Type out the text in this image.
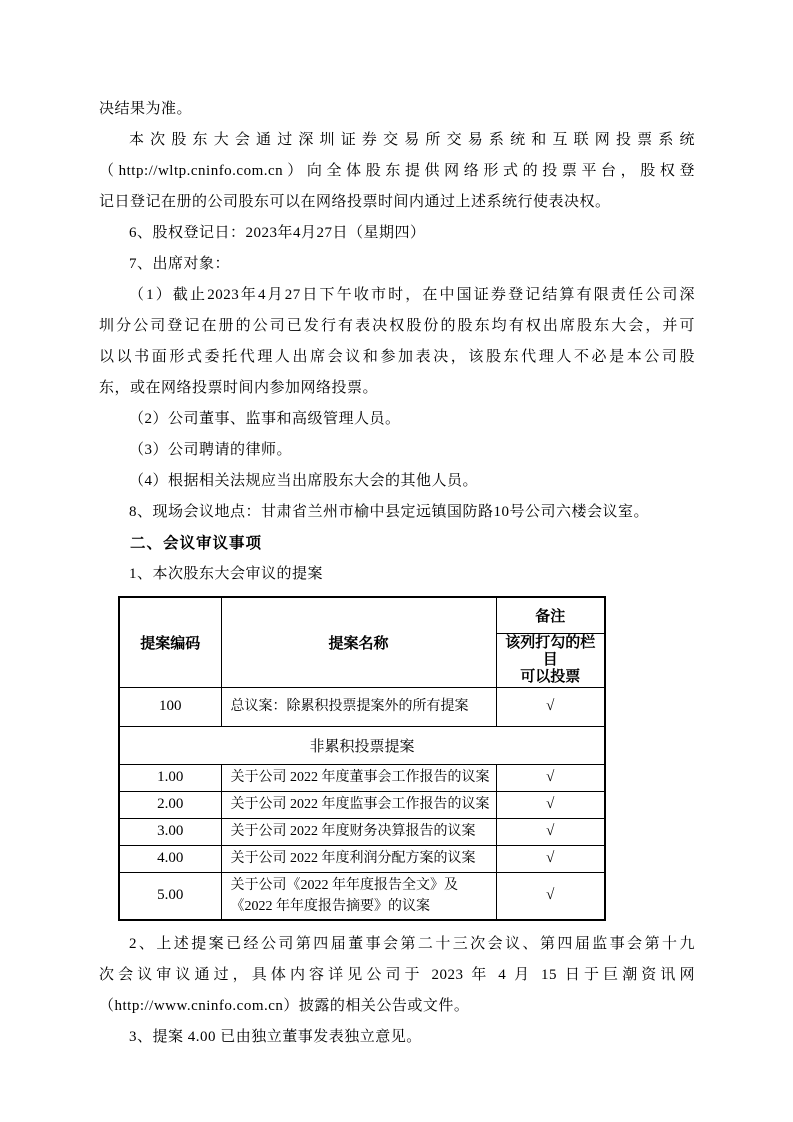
决结果为准。
本次股东大会通过深圳证券交易所交易系统和互联网投票系统
（http://wltp.cninfo.com.cn）向全体股东提供网络形式的投票平台，股权登
记日登记在册的公司股东可以在网络投票时间内通过上述系统行使表决权。
6、股权登记日：2023年4月27日（星期四）
7、出席对象：
（1）截止2023年4月27日下午收市时，在中国证券登记结算有限责任公司深
圳分公司登记在册的公司已发行有表决权股份的股东均有权出席股东大会，并可
以以书面形式委托代理人出席会议和参加表决，该股东代理人不必是本公司股
东，或在网络投票时间内参加网络投票。
（2）公司董事、监事和高级管理人员。
（3）公司聘请的律师。
（4）根据相关法规应当出席股东大会的其他人员。
8、现场会议地点：甘肃省兰州市榆中县定远镇国防路10号公司六楼会议室。
二、会议审议事项
1、本次股东大会审议的提案
提案编码	提案名称	备注
		该列打勾的栏目
可以投票
100	总议案：除累积投票提案外的所有提案	√
非累积投票提案		
1.00	关于公司 2022 年度董事会工作报告的议案	√
2.00	关于公司 2022 年度监事会工作报告的议案	√
3.00	关于公司 2022 年度财务决算报告的议案	√
4.00	关于公司 2022 年度利润分配方案的议案	√
5.00	关于公司《2022 年年度报告全文》及《2022 年年度报告摘要》的议案	√
2、上述提案已经公司第四届董事会第二十三次会议、第四届监事会第十九
次会议审议通过，具体内容详见公司于 2023 年 4 月 15 日于巨潮资讯网
（http://www.cninfo.com.cn）披露的相关公告或文件。
3、提案 4.00 已由独立董事发表独立意见。
